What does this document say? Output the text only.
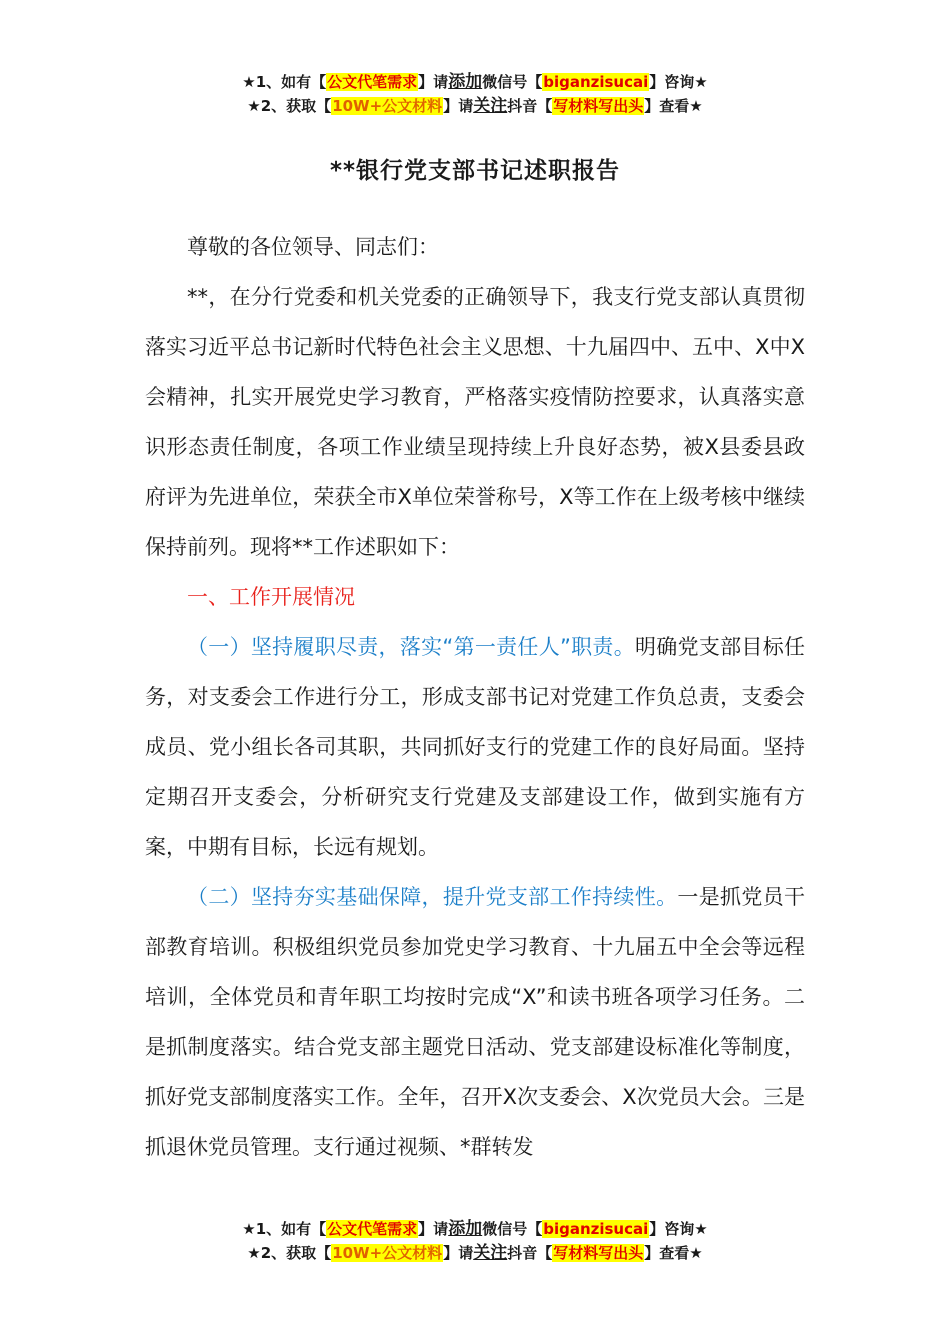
★1、如有【公文代笔需求】请添加微信号【biganzisucai】咨询★
★2、获取【10W+公文材料】请关注抖音【写材料写出头】查看★
**银行党支部书记述职报告

尊敬的各位领导、同志们：

**，在分行党委和机关党委的正确领导下，我支行党支部认真贯彻落实习近平总书记新时代特色社会主义思想、十九届四中、五中、X中X会精神，扎实开展党史学习教育，严格落实疫情防控要求，认真落实意识形态责任制度，各项工作业绩呈现持续上升良好态势，被X县委县政府评为先进单位，荣获全市X单位荣誉称号，X等工作在上级考核中继续保持前列。现将**工作述职如下：

一、工作开展情况

（一）坚持履职尽责，落实“第一责任人”职责。明确党支部目标任务，对支委会工作进行分工，形成支部书记对党建工作负总责，支委会成员、党小组长各司其职，共同抓好支行的党建工作的良好局面。坚持定期召开支委会，分析研究支行党建及支部建设工作，做到实施有方案，中期有目标，长远有规划。

（二）坚持夯实基础保障，提升党支部工作持续性。一是抓党员干部教育培训。积极组织党员参加党史学习教育、十九届五中全会等远程培训，全体党员和青年职工均按时完成“X”和读书班各项学习任务。二是抓制度落实。结合党支部主题党日活动、党支部建设标准化等制度，抓好党支部制度落实工作。全年，召开X次支委会、X次党员大会。三是抓退休党员管理。支行通过视频、*群转发

★1、如有【公文代笔需求】请添加微信号【biganzisucai】咨询★
★2、获取【10W+公文材料】请关注抖音【写材料写出头】查看★
